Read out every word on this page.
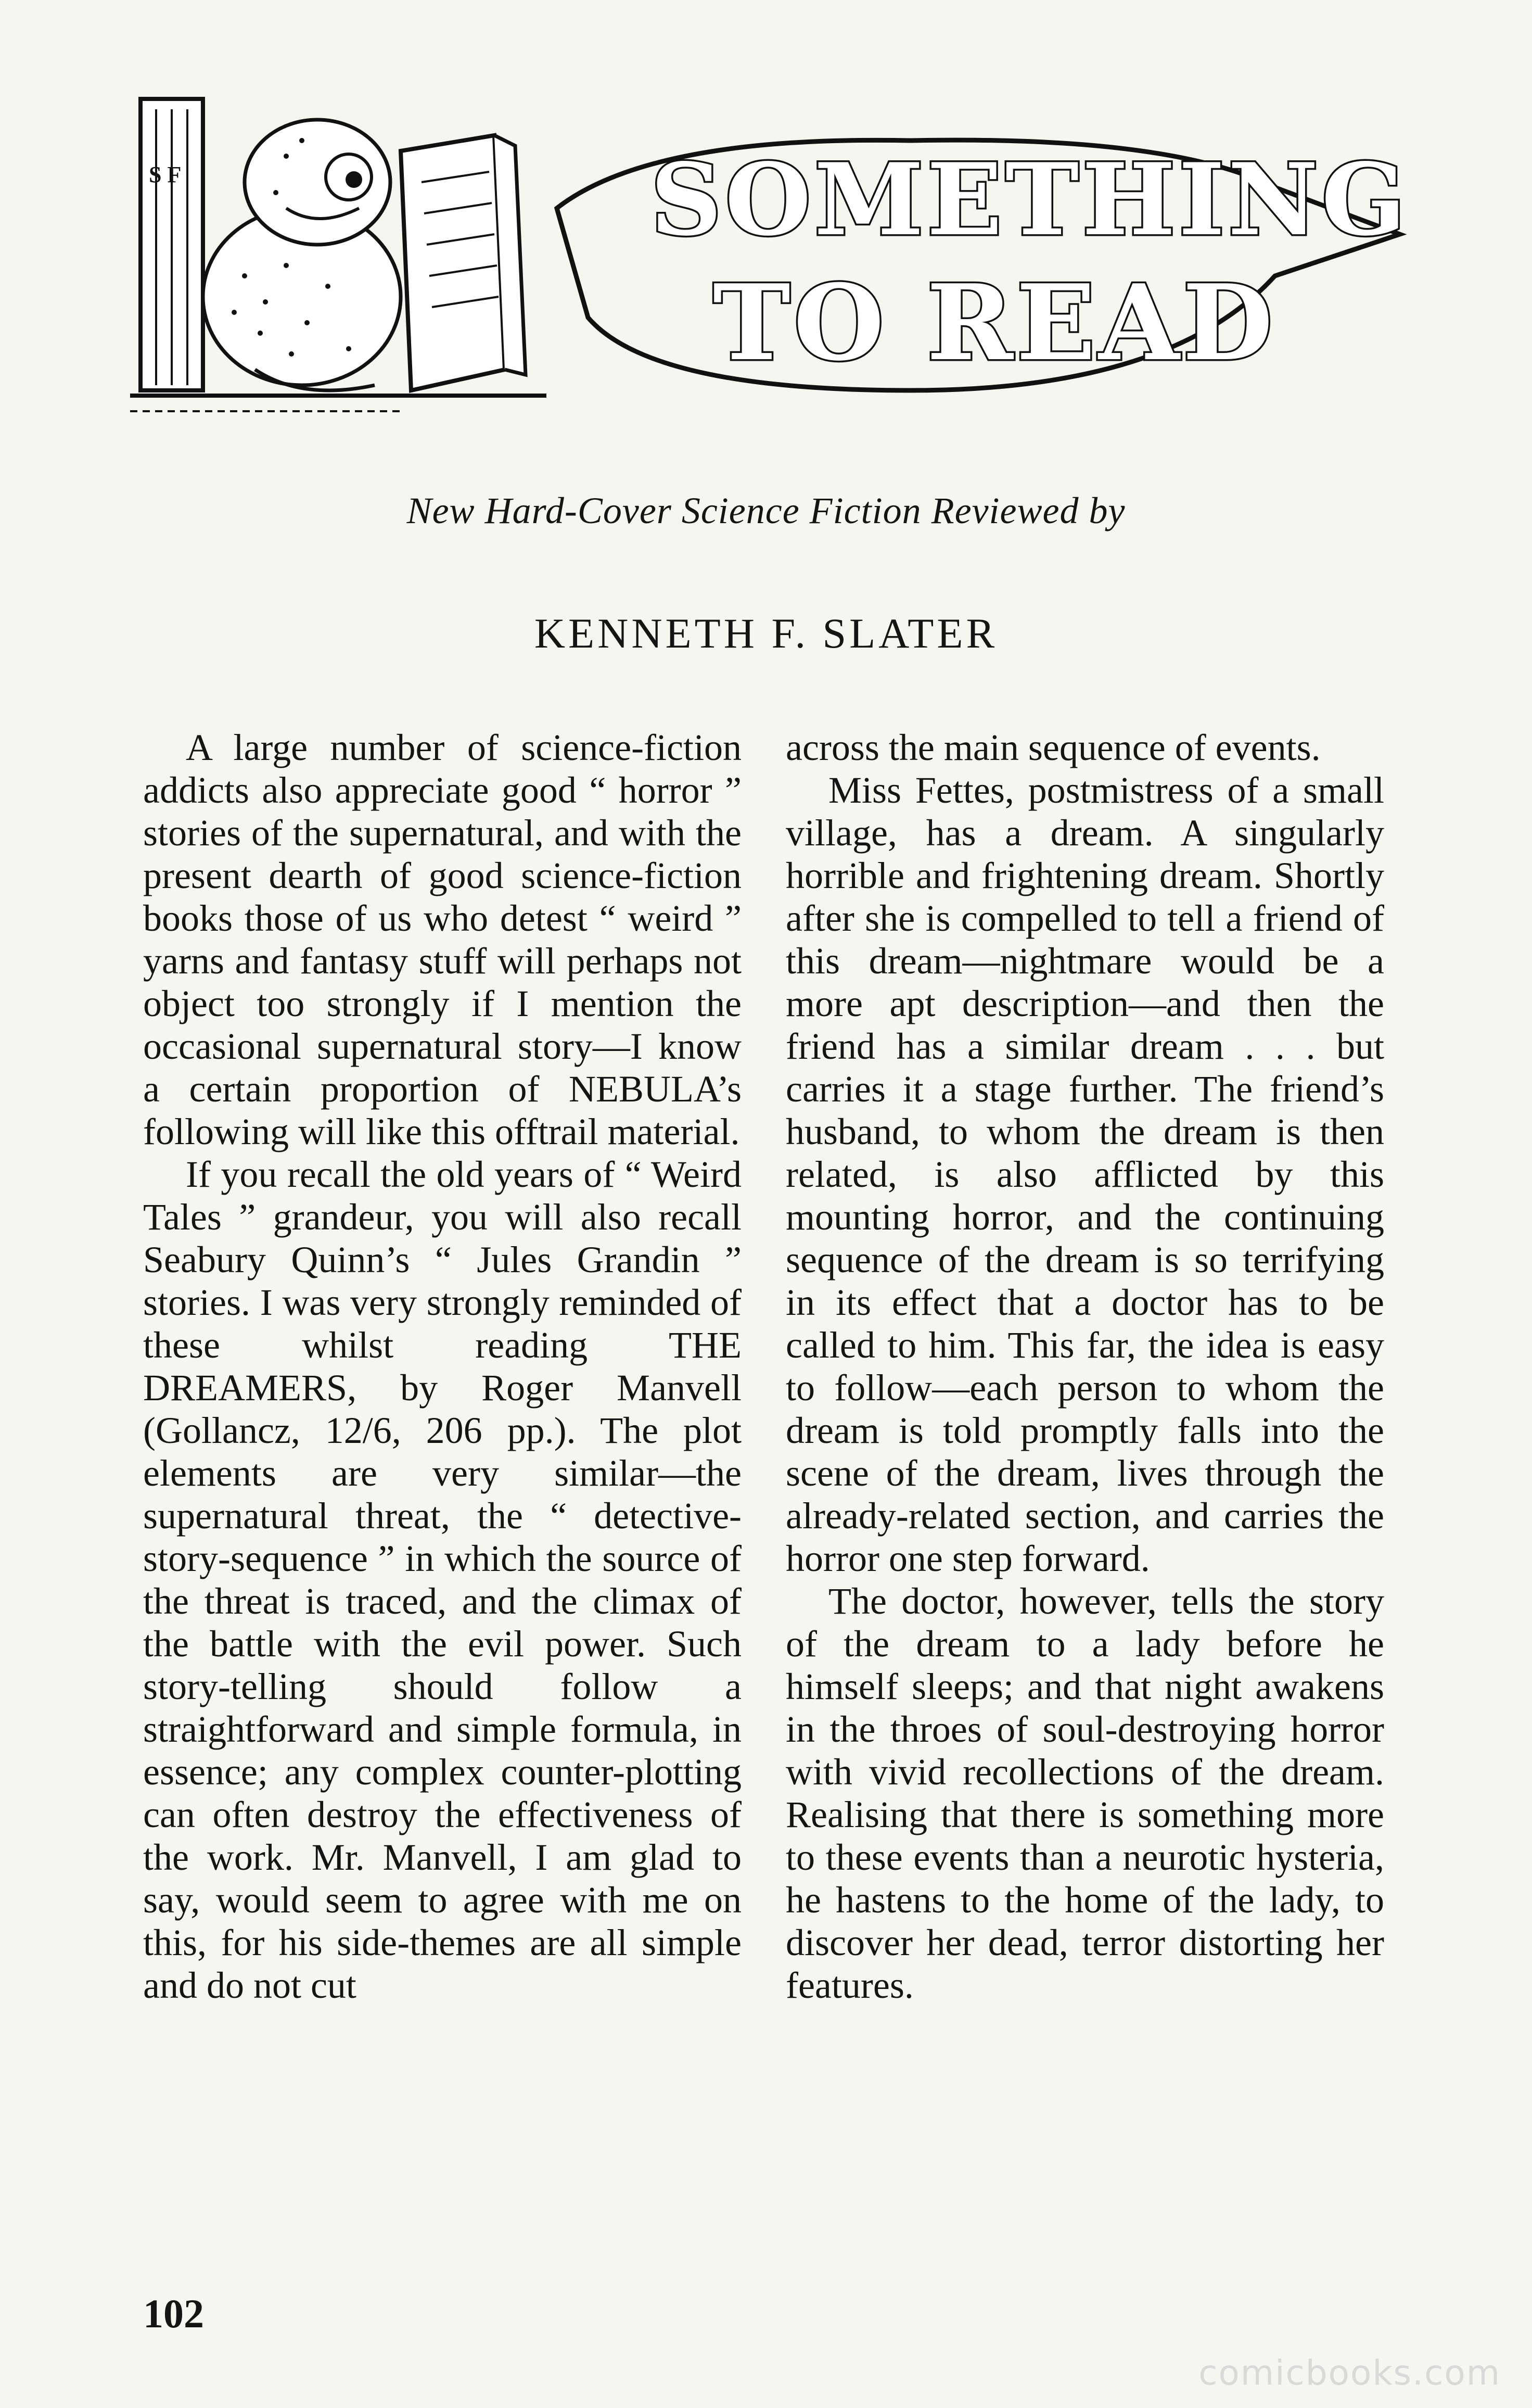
S F	SOMETHING
TO READ
New Hard-Cover Science Fiction Reviewed by
KENNETH F. SLATER

A large number of science-fiction addicts also appreciate good “ horror ” stories of the supernatural, and with the present dearth of good science-fiction books those of us who detest “ weird ” yarns and fantasy stuff will perhaps not object too strongly if I mention the occasional supernatural story—I know a certain proportion of NEBULA’s following will like this offtrail material.

If you recall the old years of “ Weird Tales ” grandeur, you will also recall Seabury Quinn’s “ Jules Grandin ” stories. I was very strongly reminded of these whilst reading THE DREAMERS, by Roger Manvell (Gollancz, 12/6, 206 pp.). The plot elements are very similar—the supernatural threat, the “ detective-story-sequence ” in which the source of the threat is traced, and the climax of the battle with the evil power. Such story-telling should follow a straightforward and simple formula, in essence; any complex counter-plotting can often destroy the effectiveness of the work. Mr. Manvell, I am glad to say, would seem to agree with me on this, for his side-themes are all simple and do not cut

across the main sequence of events.

Miss Fettes, postmistress of a small village, has a dream. A singularly horrible and frightening dream. Shortly after she is compelled to tell a friend of this dream—nightmare would be a more apt description—and then the friend has a similar dream . . . but carries it a stage further. The friend’s husband, to whom the dream is then related, is also afflicted by this mounting horror, and the continuing sequence of the dream is so terrifying in its effect that a doctor has to be called to him. This far, the idea is easy to follow—each person to whom the dream is told promptly falls into the scene of the dream, lives through the already-related section, and carries the horror one step forward.

The doctor, however, tells the story of the dream to a lady before he himself sleeps; and that night awakens in the throes of soul-destroying horror with vivid recollections of the dream. Realising that there is something more to these events than a neurotic hysteria, he hastens to the home of the lady, to discover her dead, terror distorting her features.

102
comicbooks.com
